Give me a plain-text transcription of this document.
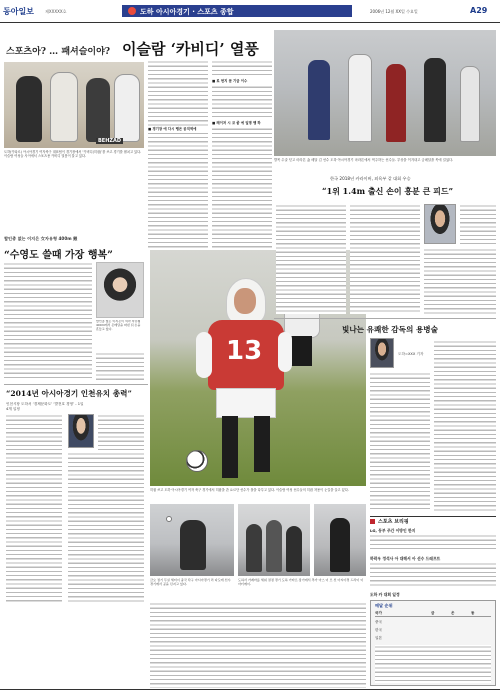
동아일보	제XXXXX호	도하 아시아경기 · 스포츠 종합	2006년 12월 XX일 수요일	A29
스포츠아? … 패셔슬이야? 이슬람 ‘카비디’ 열풍
BEHZAD
도하(카타르) 아시아경기 여자축구 대표팀이 경기장에서 ‘카비디(히잡)’를 쓰고 경기를 펼치고 있다. 이슬람 여성들 사이에서 스포츠용 카비디 열풍이 불고 있다.
■ 경기장 에 다시 땡은 공직역에
■ 로 현지 문 기금 이수
■ 레이저 시 코 좋 에 일명 땡 하
할인총 없는 이지은 女자유형 400m 銀
“수영도 쓸때 가장 행복”
할인총 없는 이지은이 여자 자유형 400m에서 은메달을 따낸 뒤 손을 흔들고 있다.
“2014년 아시아경기 인천유치 총력”
인천시장 도하서 ‘경제문화도’ ‘발전호 경영’ - 1일 4개 일정
13
히잡 쓰고 도하 아시아경기 여자 축구 경기에서 히잡을 쓴 요르단 선수가 볼을 다투고 있다. 이슬람 여성 선수들의 히잡 착용이 눈길을 끌고 있다.
발목 수술 딛고 마라톤 金 메달 김 선수 도하 아시아경기 마라톤에서 역주하는 선수들. 부상을 이겨내고 금메달을 목에 걸었다.
한국 2018년 카라이버, 외육부 같 대회 우승
“1위 1.4m 출신 손이 흥분 큰 피드”
빛나는 유쾌한 감독의 용병술
도하=XXX 기자
스포츠 브리핑
LG, 동부 주간 이방인 한지
하락우 정석사 아 대해서 아 선수 드래프트
도하 카 대회 일정
메달 순위
국가	금	은	동
중국
한국
일본
금요 점기 무실 세터이 중국 탁구 아시아경기 리 다도에 선수 경기에서 공을 던지고 있다.
도하서 카레마를 세워 결정 경기 도하 카타르 장기에서 추가 아스 이 모 선 아시아경 드라이 이아티에이.
